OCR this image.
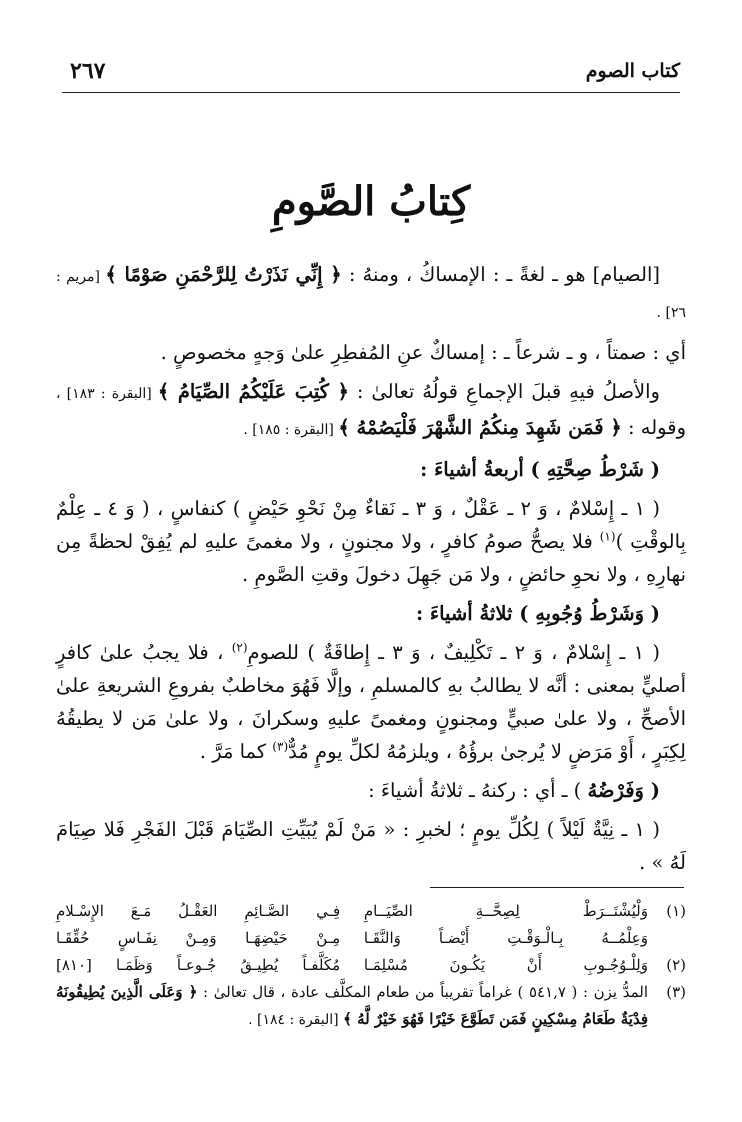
كتاب الصوم
٢٦٧
كِتابُ الصَّومِ

[الصيام] هو ـ لغةً ـ : الإمساكُ ، ومنهُ : ﴿ إِنِّي نَذَرْتُ لِلرَّحْمَنِ صَوْمًا ﴾ [مريم : ٢٦] .

أي : صمتاً ، و ـ شرعاً ـ : إمساكٌ عنِ المُفطِرِ علىٰ وَجهٍ مخصوصٍ .

والأصلُ فيهِ قبلَ الإجماعِ قولُهُ تعالىٰ : ﴿ كُتِبَ عَلَيْكُمُ الصِّيَامُ ﴾ [البقرة : ١٨٣] ، وقوله : ﴿ فَمَن شَهِدَ مِنكُمُ الشَّهْرَ فَلْيَصُمْهُ ﴾ [البقرة : ١٨٥] .

( شَرْطُ صِحَّتِهِ ) أربعةُ أشياءَ :

( ١ ـ إِسْلامٌ ، وَ ٢ ـ عَقْلٌ ، وَ ٣ ـ نَقاءٌ مِنْ نَحْوِ حَيْضٍ ) كنفاسٍ ، ( وَ ٤ ـ عِلْمٌ بِالوقْتِ )$^{(١)}$ فلا يصحُّ صومُ كافرٍ ، ولا مجنونٍ ، ولا مغمىً عليهِ لم يُفِقْ لحظةً مِن نهارِهِ ، ولا نحوِ حائضٍ ، ولا مَن جَهِلَ دخولَ وقتِ الصَّومِ .

( وَشَرْطُ وُجُوبِهِ ) ثلاثةُ أشياءَ :

( ١ ـ إِسْلامٌ ، وَ ٢ ـ تَكْلِيفٌ ، وَ ٣ ـ إِطاقَةٌ ) للصومِ$^{(٢)}$ ، فلا يجبُ علىٰ كافرٍ أصليٍّ بمعنى : أنَّه لا يطالبُ بهِ كالمسلمِ ، وإلَّا فَهُوَ مخاطبٌ بفروعِ الشريعةِ علىٰ الأصحِّ ، ولا علىٰ صبيٍّ ومجنونٍ ومغمىً عليهِ وسكرانَ ، ولا علىٰ مَن لا يطيقُهُ لِكِبَرٍ ، أَوْ مَرَضٍ لا يُرجىٰ برؤُهُ ، ويلزمُهُ لكلِّ يومٍ مُدٌّ$^{(٣)}$ كما مَرَّ .

( وَفَرْضُهُ ) ـ أي : ركنهُ ـ ثلاثةُ أشياءَ :

( ١ ـ نِيَّةٌ لَيْلاً ) لِكُلِّ يومٍ ؛ لخبرِ : « مَنْ لَمْ يُبَيِّتِ الصِّيَامَ قَبْلَ الفَجْرِ فَلا صِيَامَ لَهُ » .

(١)
وَلْيُشْتَــرَطْ لِصِحَّــةِ الصِّيَــامِ
فِـي الصَّـائِمِ العَقْـلُ مَـعَ الإِسْـلامِ
وَعِلْمُــهُ بِـالْـوَقْـتِ أَيْضـاً وَالنَّقَـا
مِـنْ حَيْضِهَـا وَمِـنْ نِفَـاسٍ حُقِّقَـا
(٢)
وَلِلْـوُجُـوبِ أَنْ يَكُـونَ مُسْلِمَـا
مُكَلَّفـاً يُطِيـقُ جُـوعـاً وَظَمَـا [٨١٠]
(٣)
المدُّ يزن : ( ٥٤١,٧ ) غراماً تقريباً من طعام المكلَّف عادة ، قال تعالىٰ : ﴿ وَعَلَى الَّذِينَ يُطِيقُونَهُ فِدْيَةٌ طَعَامُ مِسْكِينٍ فَمَن تَطَوَّعَ خَيْرًا فَهُوَ خَيْرٌ لَّهُ ﴾ [البقرة : ١٨٤] .
